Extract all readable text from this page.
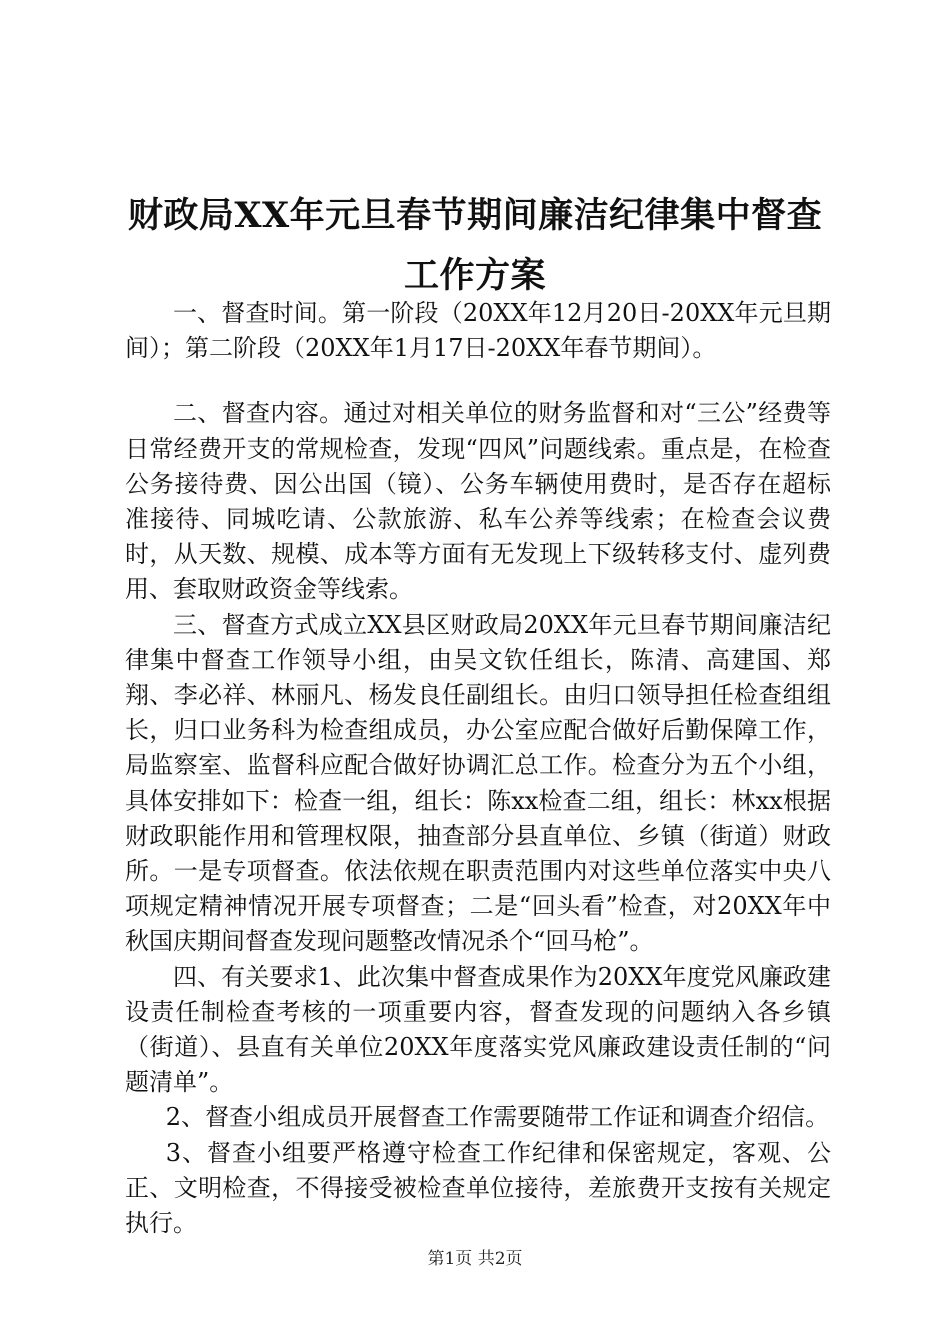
财政局XX年元旦春节期间廉洁纪律集中督查
工作方案

一、督查时间。第一阶段（20XX年12月20日-20XX年元旦期间）；第二阶段（20XX年1月17日-20XX年春节期间）。

二、督查内容。通过对相关单位的财务监督和对“三公”经费等日常经费开支的常规检查，发现“四风”问题线索。重点是，在检查公务接待费、因公出国（镜）、公务车辆使用费时，是否存在超标准接待、同城吃请、公款旅游、私车公养等线索；在检查会议费时，从天数、规模、成本等方面有无发现上下级转移支付、虚列费用、套取财政资金等线索。

三、督查方式成立XX县区财政局20XX年元旦春节期间廉洁纪律集中督查工作领导小组，由吴文钦任组长，陈清、高建国、郑翔、李必祥、林丽凡、杨发良任副组长。由归口领导担任检查组组长，归口业务科为检查组成员，办公室应配合做好后勤保障工作，局监察室、监督科应配合做好协调汇总工作。检查分为五个小组，具体安排如下：检查一组，组长：陈xx检查二组，组长：林xx根据财政职能作用和管理权限，抽查部分县直单位、乡镇（街道）财政所。一是专项督查。依法依规在职责范围内对这些单位落实中央八项规定精神情况开展专项督查；二是“回头看”检查，对20XX年中秋国庆期间督查发现问题整改情况杀个“回马枪”。

四、有关要求1、此次集中督查成果作为20XX年度党风廉政建设责任制检查考核的一项重要内容，督查发现的问题纳入各乡镇（街道）、县直有关单位20XX年度落实党风廉政建设责任制的“问题清单”。

2、督查小组成员开展督查工作需要随带工作证和调查介绍信。

3、督查小组要严格遵守检查工作纪律和保密规定，客观、公正、文明检查，不得接受被检查单位接待，差旅费开支按有关规定执行。

第1页 共2页
